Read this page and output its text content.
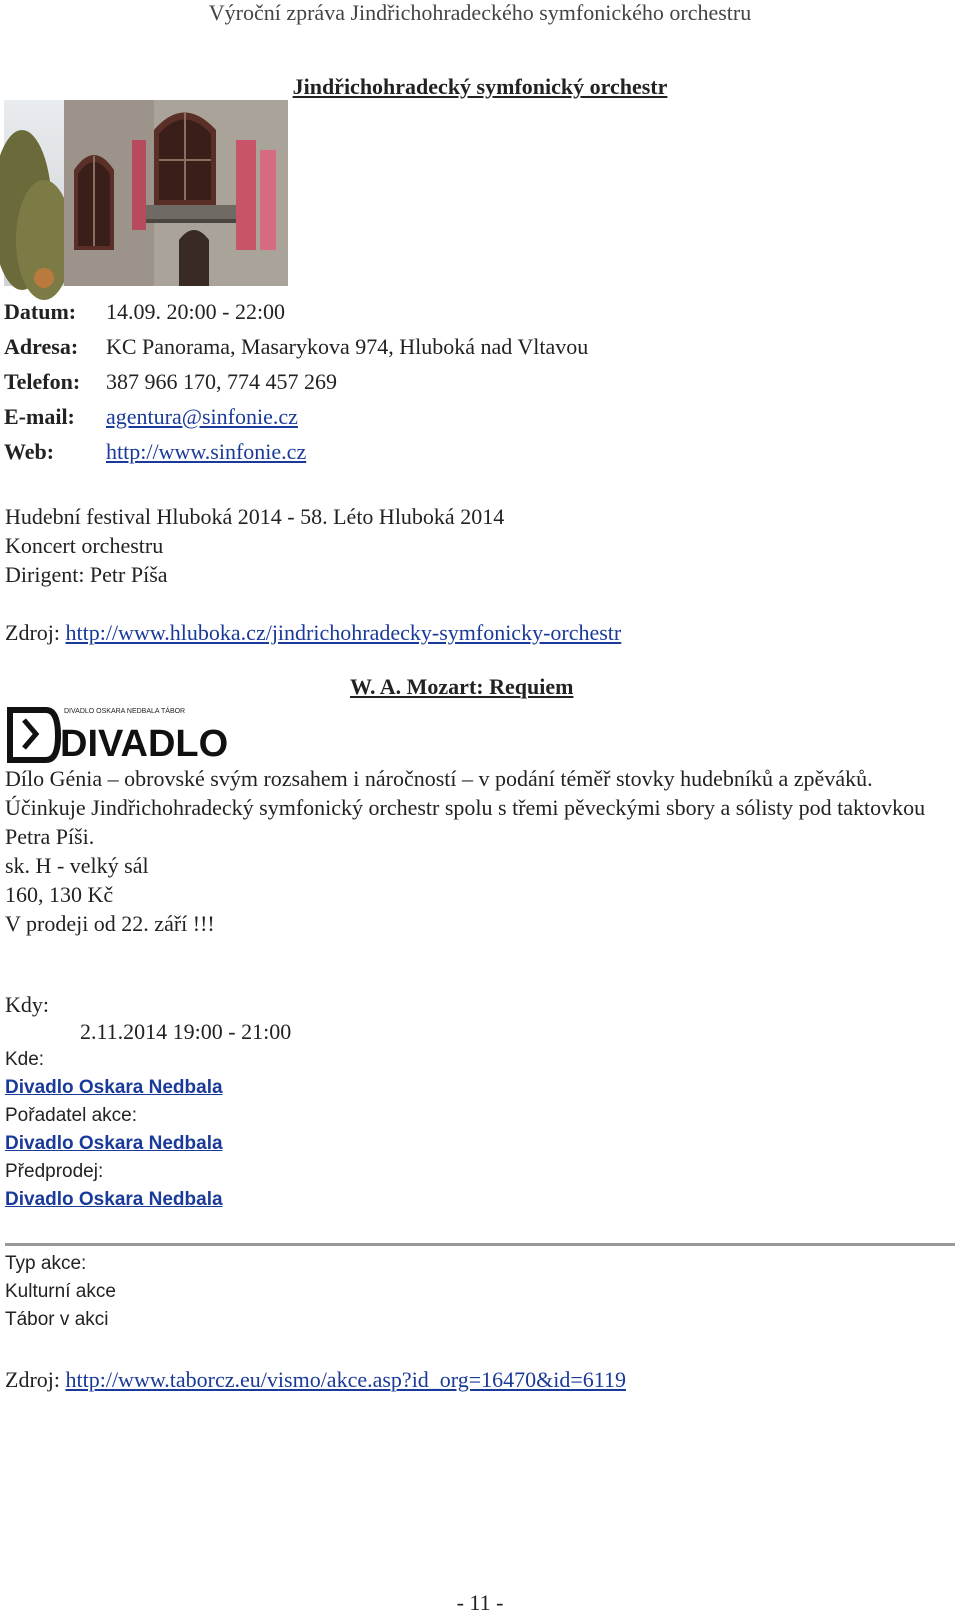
Výroční zpráva Jindřichohradeckého symfonického orchestru
Jindřichohradecký symfonický orchestr
Datum:	14.09. 20:00 - 22:00
Adresa:	KC Panorama, Masarykova 974, Hluboká nad Vltavou
Telefon:	387 966 170, 774 457 269
E-mail:	agentura@sinfonie.cz
Web:	http://www.sinfonie.cz
Hudební festival Hluboká 2014 - 58. Léto Hluboká 2014
Koncert orchestru
Dirigent: Petr Píša
Zdroj: http://www.hluboka.cz/jindrichohradecky-symfonicky-orchestr
W. A. Mozart: Requiem
DIVADLO OSKARA NEDBALA TÁBOR
DIVADLO
Dílo Génia – obrovské svým rozsahem i náročností – v podání téměř stovky hudebníků a zpěváků.
Účinkuje Jindřichohradecký symfonický orchestr spolu s třemi pěveckými sbory a sólisty pod taktovkou Petra Píši.
sk. H - velký sál
160, 130 Kč
V prodeji od 22. září !!!
Kdy:
2.11.2014 19:00 - 21:00
Kde:
Divadlo Oskara Nedbala
Pořadatel akce:
Divadlo Oskara Nedbala
Předprodej:
Divadlo Oskara Nedbala
Typ akce:
Kulturní akce
Tábor v akci
Zdroj: http://www.taborcz.eu/vismo/akce.asp?id_org=16470&id=6119
- 11 -
